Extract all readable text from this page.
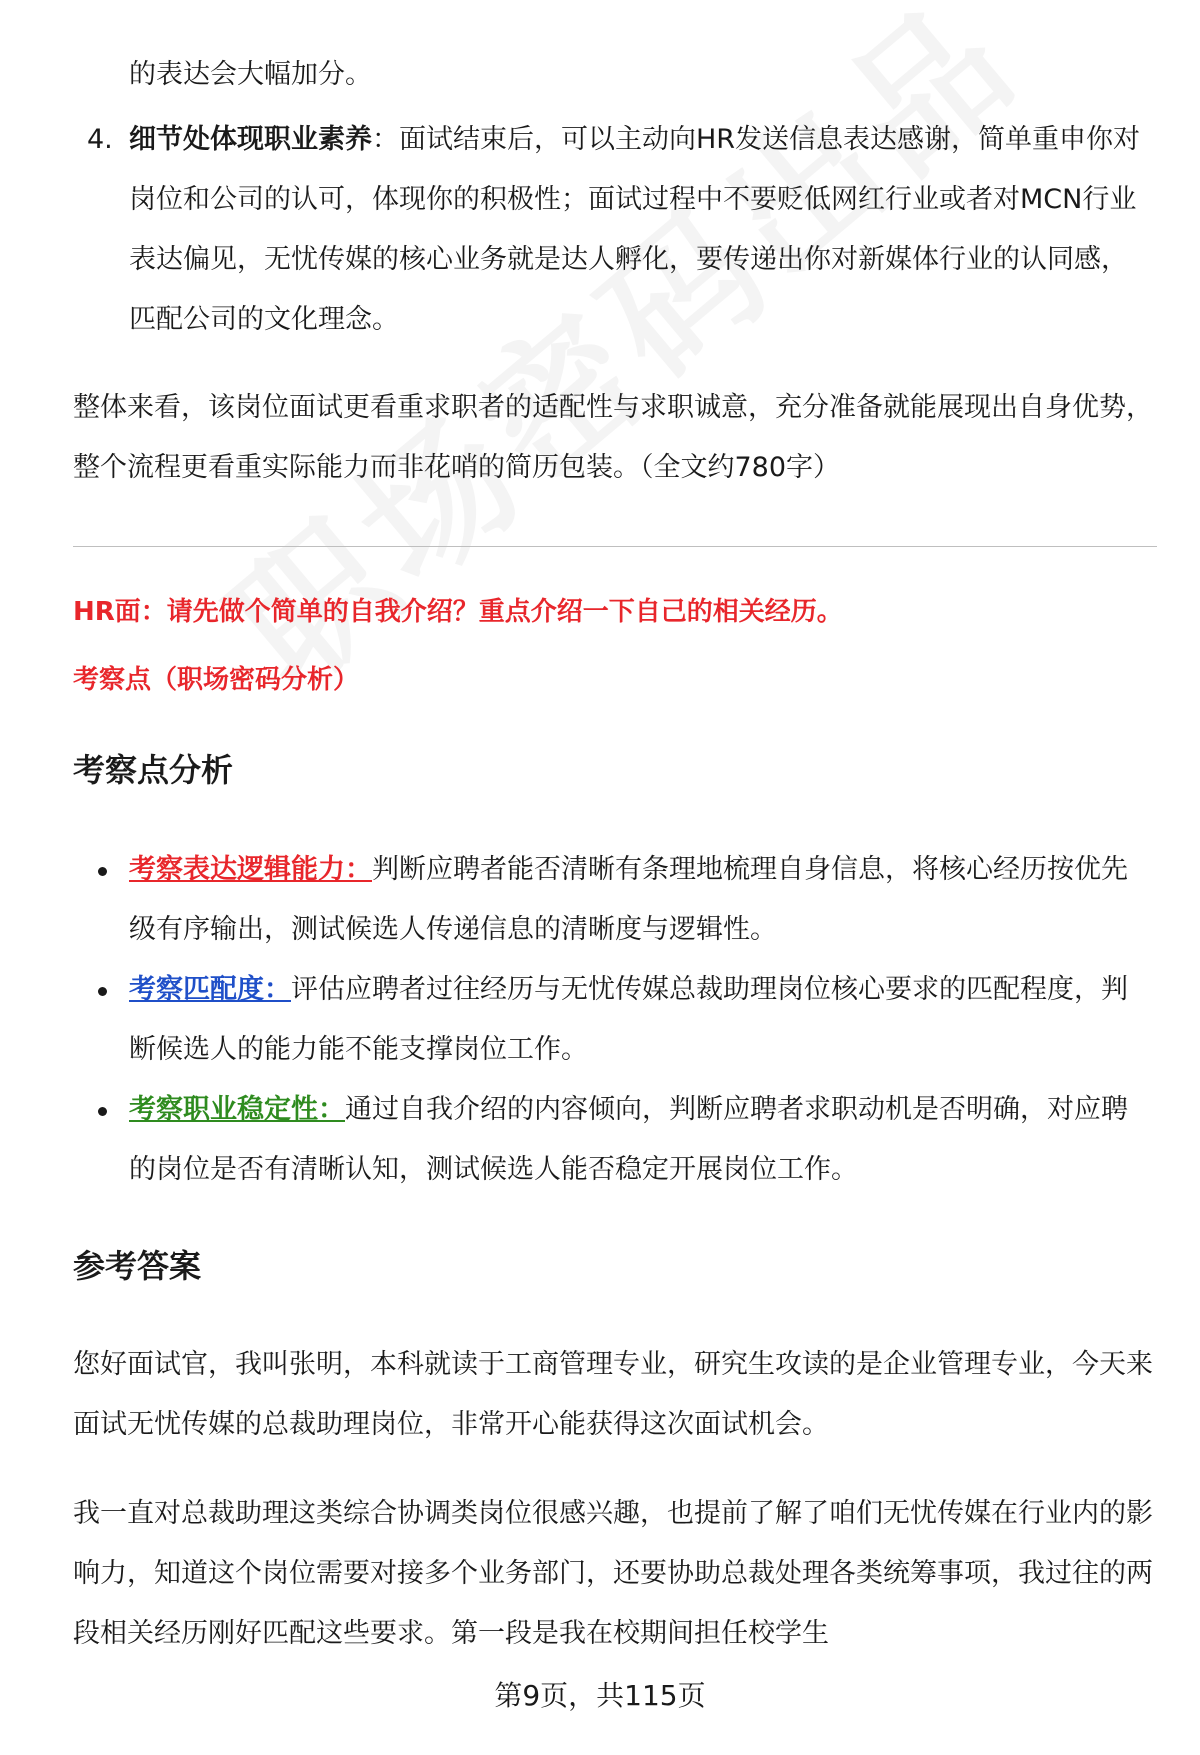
的表达会大幅加分。

4. 细节处体现职业素养：面试结束后，可以主动向HR发送信息表达感谢，简单重申你对岗位和公司的认可，体现你的积极性；面试过程中不要贬低网红行业或者对MCN行业表达偏见，无忧传媒的核心业务就是达人孵化，要传递出你对新媒体行业的认同感，匹配公司的文化理念。

整体来看，该岗位面试更看重求职者的适配性与求职诚意，充分准备就能展现出自身优势，整个流程更看重实际能力而非花哨的简历包装。（全文约780字）

HR面：请先做个简单的自我介绍？重点介绍一下自己的相关经历。

考察点（职场密码分析）

考察点分析
考察表达逻辑能力：判断应聘者能否清晰有条理地梳理自身信息，将核心经历按优先级有序输出，测试候选人传递信息的清晰度与逻辑性。
考察匹配度：评估应聘者过往经历与无忧传媒总裁助理岗位核心要求的匹配程度，判断候选人的能力能不能支撑岗位工作。
考察职业稳定性：通过自我介绍的内容倾向，判断应聘者求职动机是否明确，对应聘的岗位是否有清晰认知，测试候选人能否稳定开展岗位工作。
参考答案

您好面试官，我叫张明，本科就读于工商管理专业，研究生攻读的是企业管理专业，今天来面试无忧传媒的总裁助理岗位，非常开心能获得这次面试机会。

我一直对总裁助理这类综合协调类岗位很感兴趣，也提前了解了咱们无忧传媒在行业内的影响力，知道这个岗位需要对接多个业务部门，还要协助总裁处理各类统筹事项，我过往的两段相关经历刚好匹配这些要求。第一段是我在校期间担任校学生

第9页，共115页
